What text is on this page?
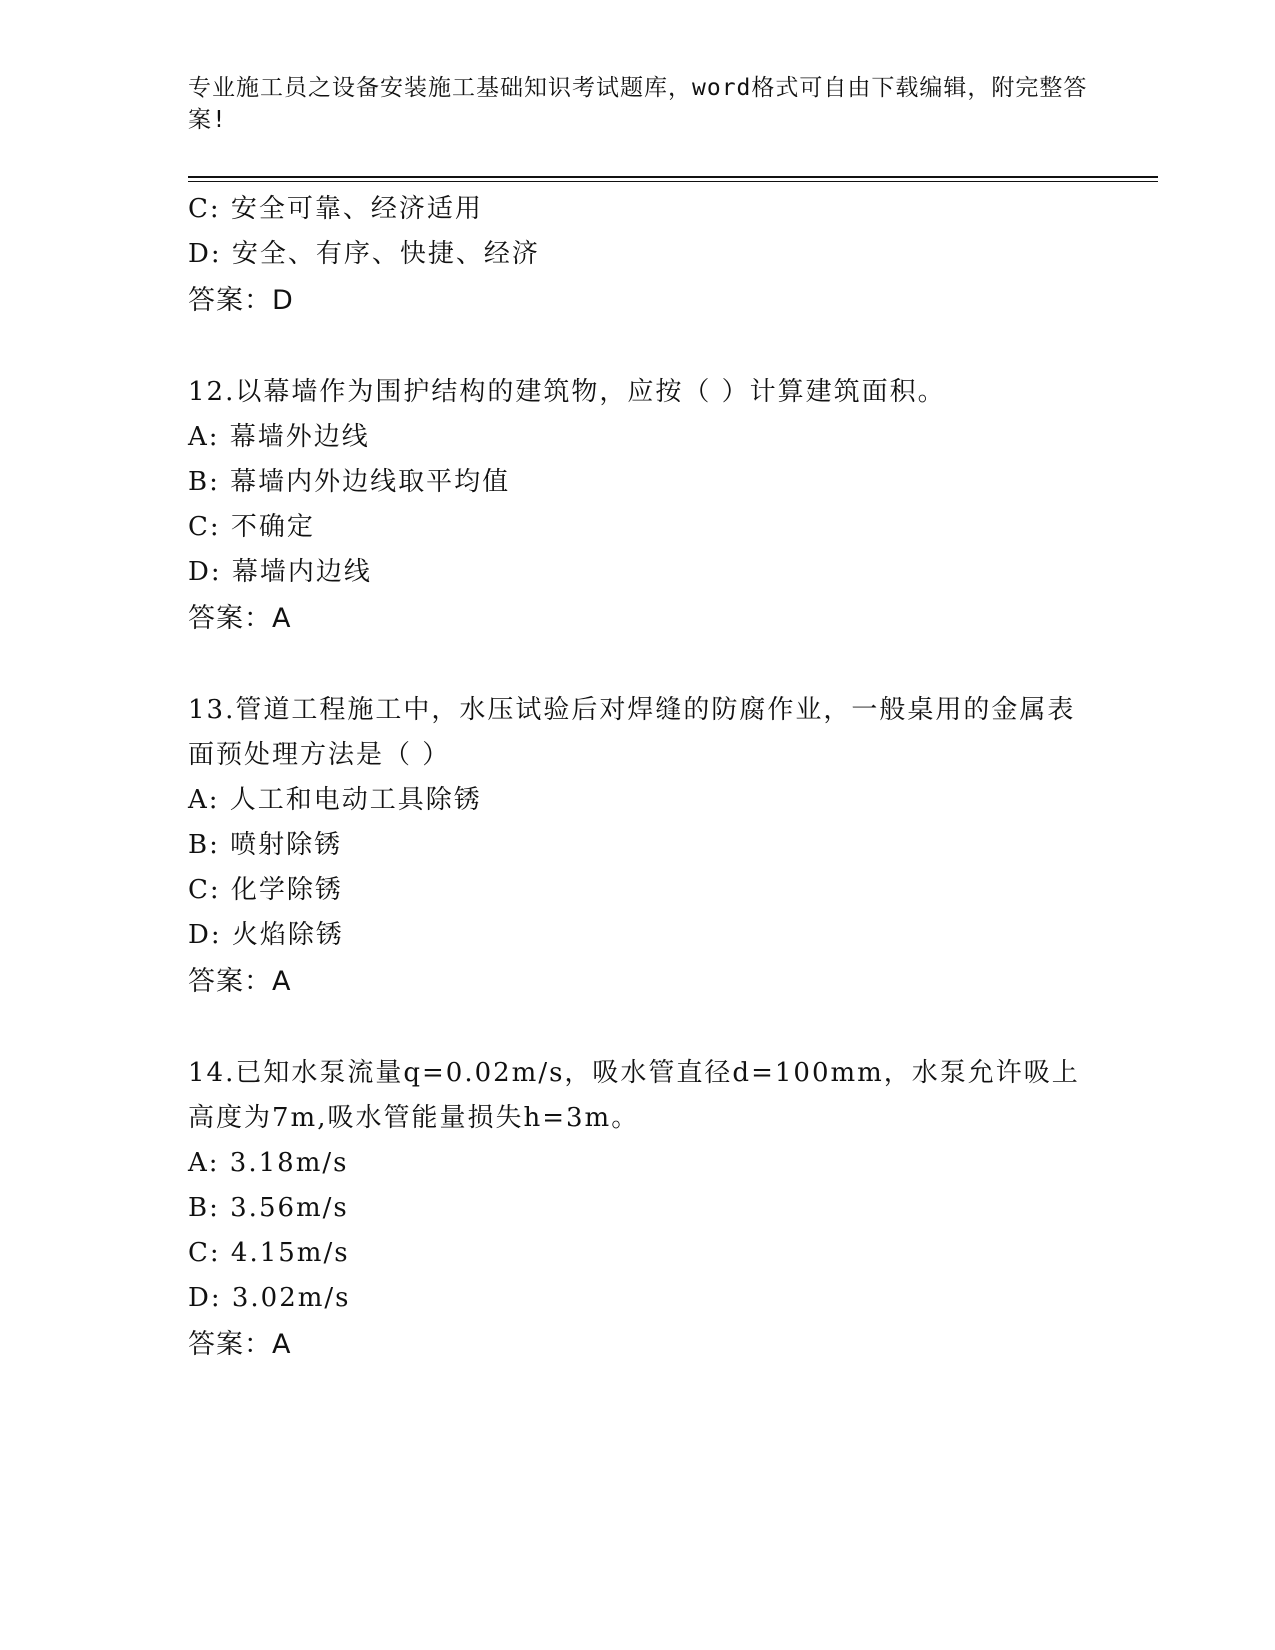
专业施工员之设备安装施工基础知识考试题库，word格式可自由下载编辑，附完整答案!
C: 安全可靠、经济适用
D: 安全、有序、快捷、经济
答案：D
12.以幕墙作为围护结构的建筑物，应按（ ）计算建筑面积。
A: 幕墙外边线
B: 幕墙内外边线取平均值
C: 不确定
D: 幕墙内边线
答案：A
13.管道工程施工中，水压试验后对焊缝的防腐作业，一般桌用的金属表面预处理方法是（ ）
A: 人工和电动工具除锈
B: 喷射除锈
C: 化学除锈
D: 火焰除锈
答案：A
14.已知水泵流量q=0.02m/s，吸水管直径d=100mm，水泵允许吸上高度为7m,吸水管能量损失h=3m。
A: 3.18m/s
B: 3.56m/s
C: 4.15m/s
D: 3.02m/s
答案：A
